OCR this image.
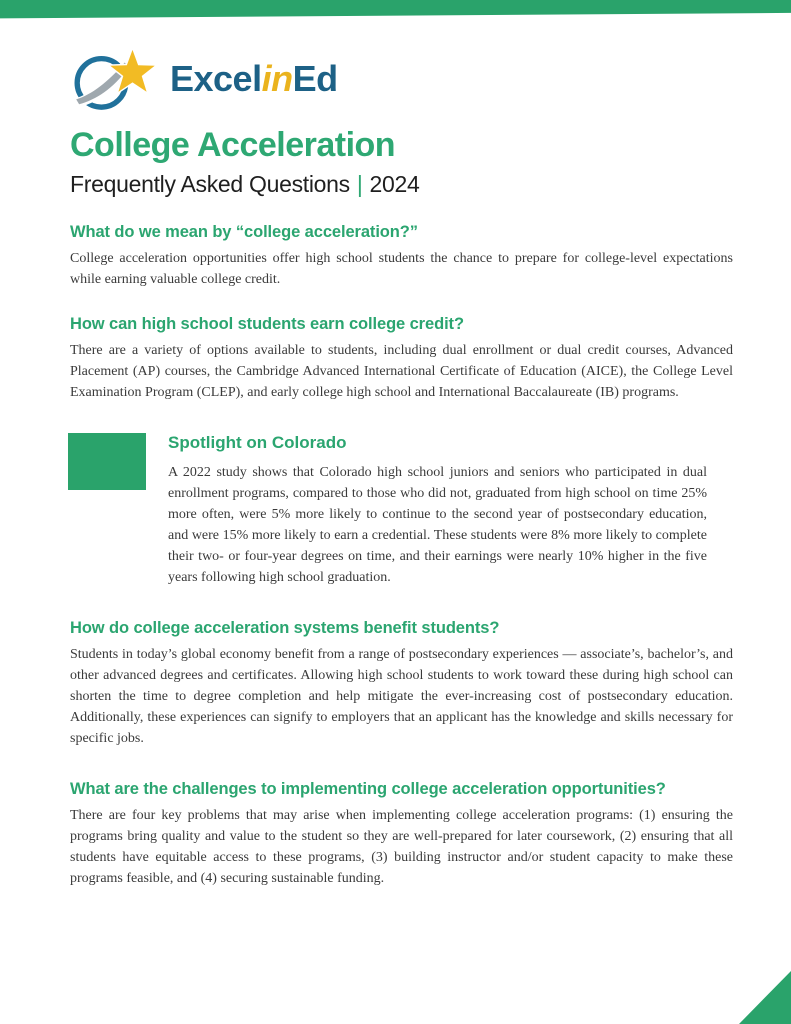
ExcelinEd
College Acceleration
Frequently Asked Questions | 2024
What do we mean by “college acceleration?”

College acceleration opportunities offer high school students the chance to prepare for college-level expectations while earning valuable college credit.

How can high school students earn college credit?

There are a variety of options available to students, including dual enrollment or dual credit courses, Advanced Placement (AP) courses, the Cambridge Advanced International Certificate of Education (AICE), the College Level Examination Program (CLEP), and early college high school and International Baccalaureate (IB) programs.

Spotlight on Colorado

A 2022 study shows that Colorado high school juniors and seniors who participated in dual enrollment programs, compared to those who did not, graduated from high school on time 25% more often, were 5% more likely to continue to the second year of postsecondary education, and were 15% more likely to earn a credential. These students were 8% more likely to complete their two- or four-year degrees on time, and their earnings were nearly 10% higher in the five years following high school graduation.

How do college acceleration systems benefit students?

Students in today’s global economy benefit from a range of postsecondary experiences — associate’s, bachelor’s, and other advanced degrees and certificates. Allowing high school students to work toward these during high school can shorten the time to degree completion and help mitigate the ever-increasing cost of postsecondary education. Additionally, these experiences can signify to employers that an applicant has the knowledge and skills necessary for specific jobs.

What are the challenges to implementing college acceleration opportunities?

There are four key problems that may arise when implementing college acceleration programs: (1) ensuring the programs bring quality and value to the student so they are well-prepared for later coursework, (2) ensuring that all students have equitable access to these programs, (3) building instructor and/or student capacity to make these programs feasible, and (4) securing sustainable funding.
